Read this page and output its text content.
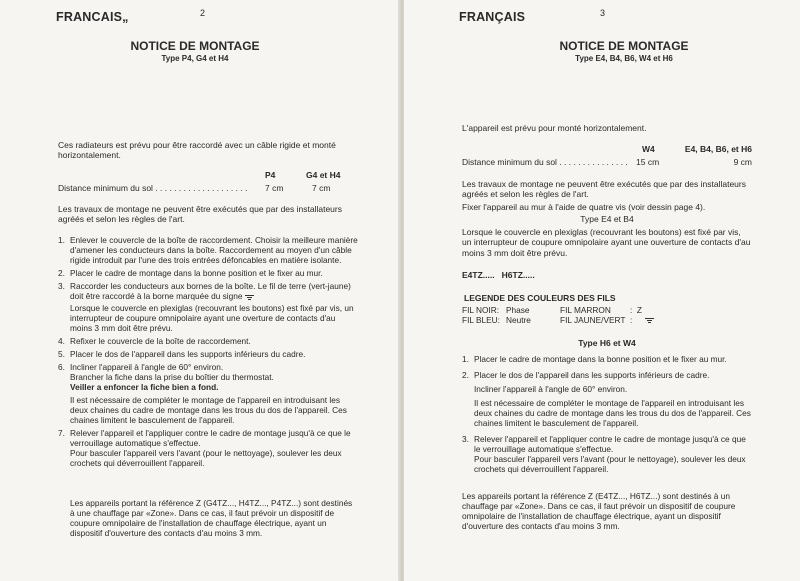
FRANCAIS„	2
NOTICE DE MONTAGE
Type P4, G4 et H4

Ces radiateurs est prévu pour être raccordé avec un câble rigide et monté horizontalement.

P4	G4 et H4
Distance minimum du sol . . . . . . . . . . . . . . . . . . . . 7 cm	7 cm

Les travaux de montage ne peuvent être exécutés que par des installateurs agréés et selon les règles de l'art.

1. Enlever le couvercle de la boîte de raccordement. Choisir la meilleure manière d'amener les conducteurs dans la boîte. Raccordement au moyen d'un câble rigide introduit par l'une des trois entrées défoncables en matière isolante.
2. Placer le cadre de montage dans la bonne position et le fixer au mur.
3. Raccorder les conducteurs aux bornes de la boîte. Le fil de terre (vert-jaune) doit être raccordé à la borne marquée du signe
Lorsque le couvercle en plexiglas (recouvrant les boutons) est fixé par vis, un interrupteur de coupure omnipolaire ayant une overture de contacts d'au moins 3 mm doit être prévu.
4. Refixer le couvercle de la boîte de raccordement.
5. Placer le dos de l'appareil dans les supports inférieurs du cadre.
6. Incliner l'appareil à l'angle de 60° environ.
Brancher la fiche dans la prise du boîtier du thermostat.
Veiller a enfoncer la fiche bien a fond.
Il est nécessaire de compléter le montage de l'appareil en introduisant les deux chaines du cadre de montage dans les trous du dos de l'appareil. Ces chaines limitent le basculement de l'appareil.
7. Relever l'appareil et l'appliquer contre le cadre de montage jusqu'à ce que le verrouillage automatique s'effectue.
Pour basculer l'appareil vers l'avant (pour le nettoyage), soulever les deux crochets qui déverrouillent l'appareil.

Les appareils portant la référence Z (G4TZ..., H4TZ..., P4TZ...) sont destinés à une chauffage par «Zone». Dans ce cas, il faut prévoir un dispositif de coupure omnipolaire de l'installation de chauffage électrique, ayant un dispositif d'ouverture des contacts d'au moins 3 mm.

FRANÇAIS	3
NOTICE DE MONTAGE
Type E4, B4, B6, W4 et H6
L'appareil est prévu pour monté horizontalement.
W4	E4, B4, B6, et H6
Distance minimum du sol . . . . . . . . . . . . . . . 15 cm	9 cm

Les travaux de montage ne peuvent être exécutés que par des installateurs agréés et selon les règles de l'art.

Fixer l'appareil au mur à l'aide de quatre vis (voir dessin page 4).

Type E4 et B4

Lorsque le couvercle en plexiglas (recouvrant les boutons) est fixé par vis, un interrupteur de coupure omnipolaire ayant une ouverture de contacts d'au moins 3 mm doit être prévu.

E4TZ.....   H6TZ.....
LEGENDE DES COULEURS DES FILS
FIL NOIR: Phase	FIL MARRON :  Z
FIL BLEU: Neutre	FIL JAUNE/VERT :
Type H6 et W4
1. Placer le cadre de montage dans la bonne position et le fixer au mur.
2. Placer le dos de l'appareil dans les supports inférieurs de cadre.
Incliner l'appareil à l'angle de 60° environ.
Il est nécessaire de compléter le montage de l'appareil en introduisant les deux chaines du cadre de montage dans les trous du dos de l'appareil. Ces chaines limitent le basculement de l'appareil.
3. Relever l'appareil et l'appliquer contre le cadre de montage jusqu'à ce que le verrouillage automatique s'effectue.
Pour basculer l'appareil vers l'avant (pour le nettoyage), soulever les deux crochets qui déverrouillent l'appareil.

Les appareils portant la référence Z (E4TZ..., H6TZ...) sont destinés à un chauffage par «Zone». Dans ce cas, il faut prévoir un dispositif de coupure omnipolaire de l'installation de chauffage électrique, ayant un dispositif d'ouverture des contacts d'au moins 3 mm.
